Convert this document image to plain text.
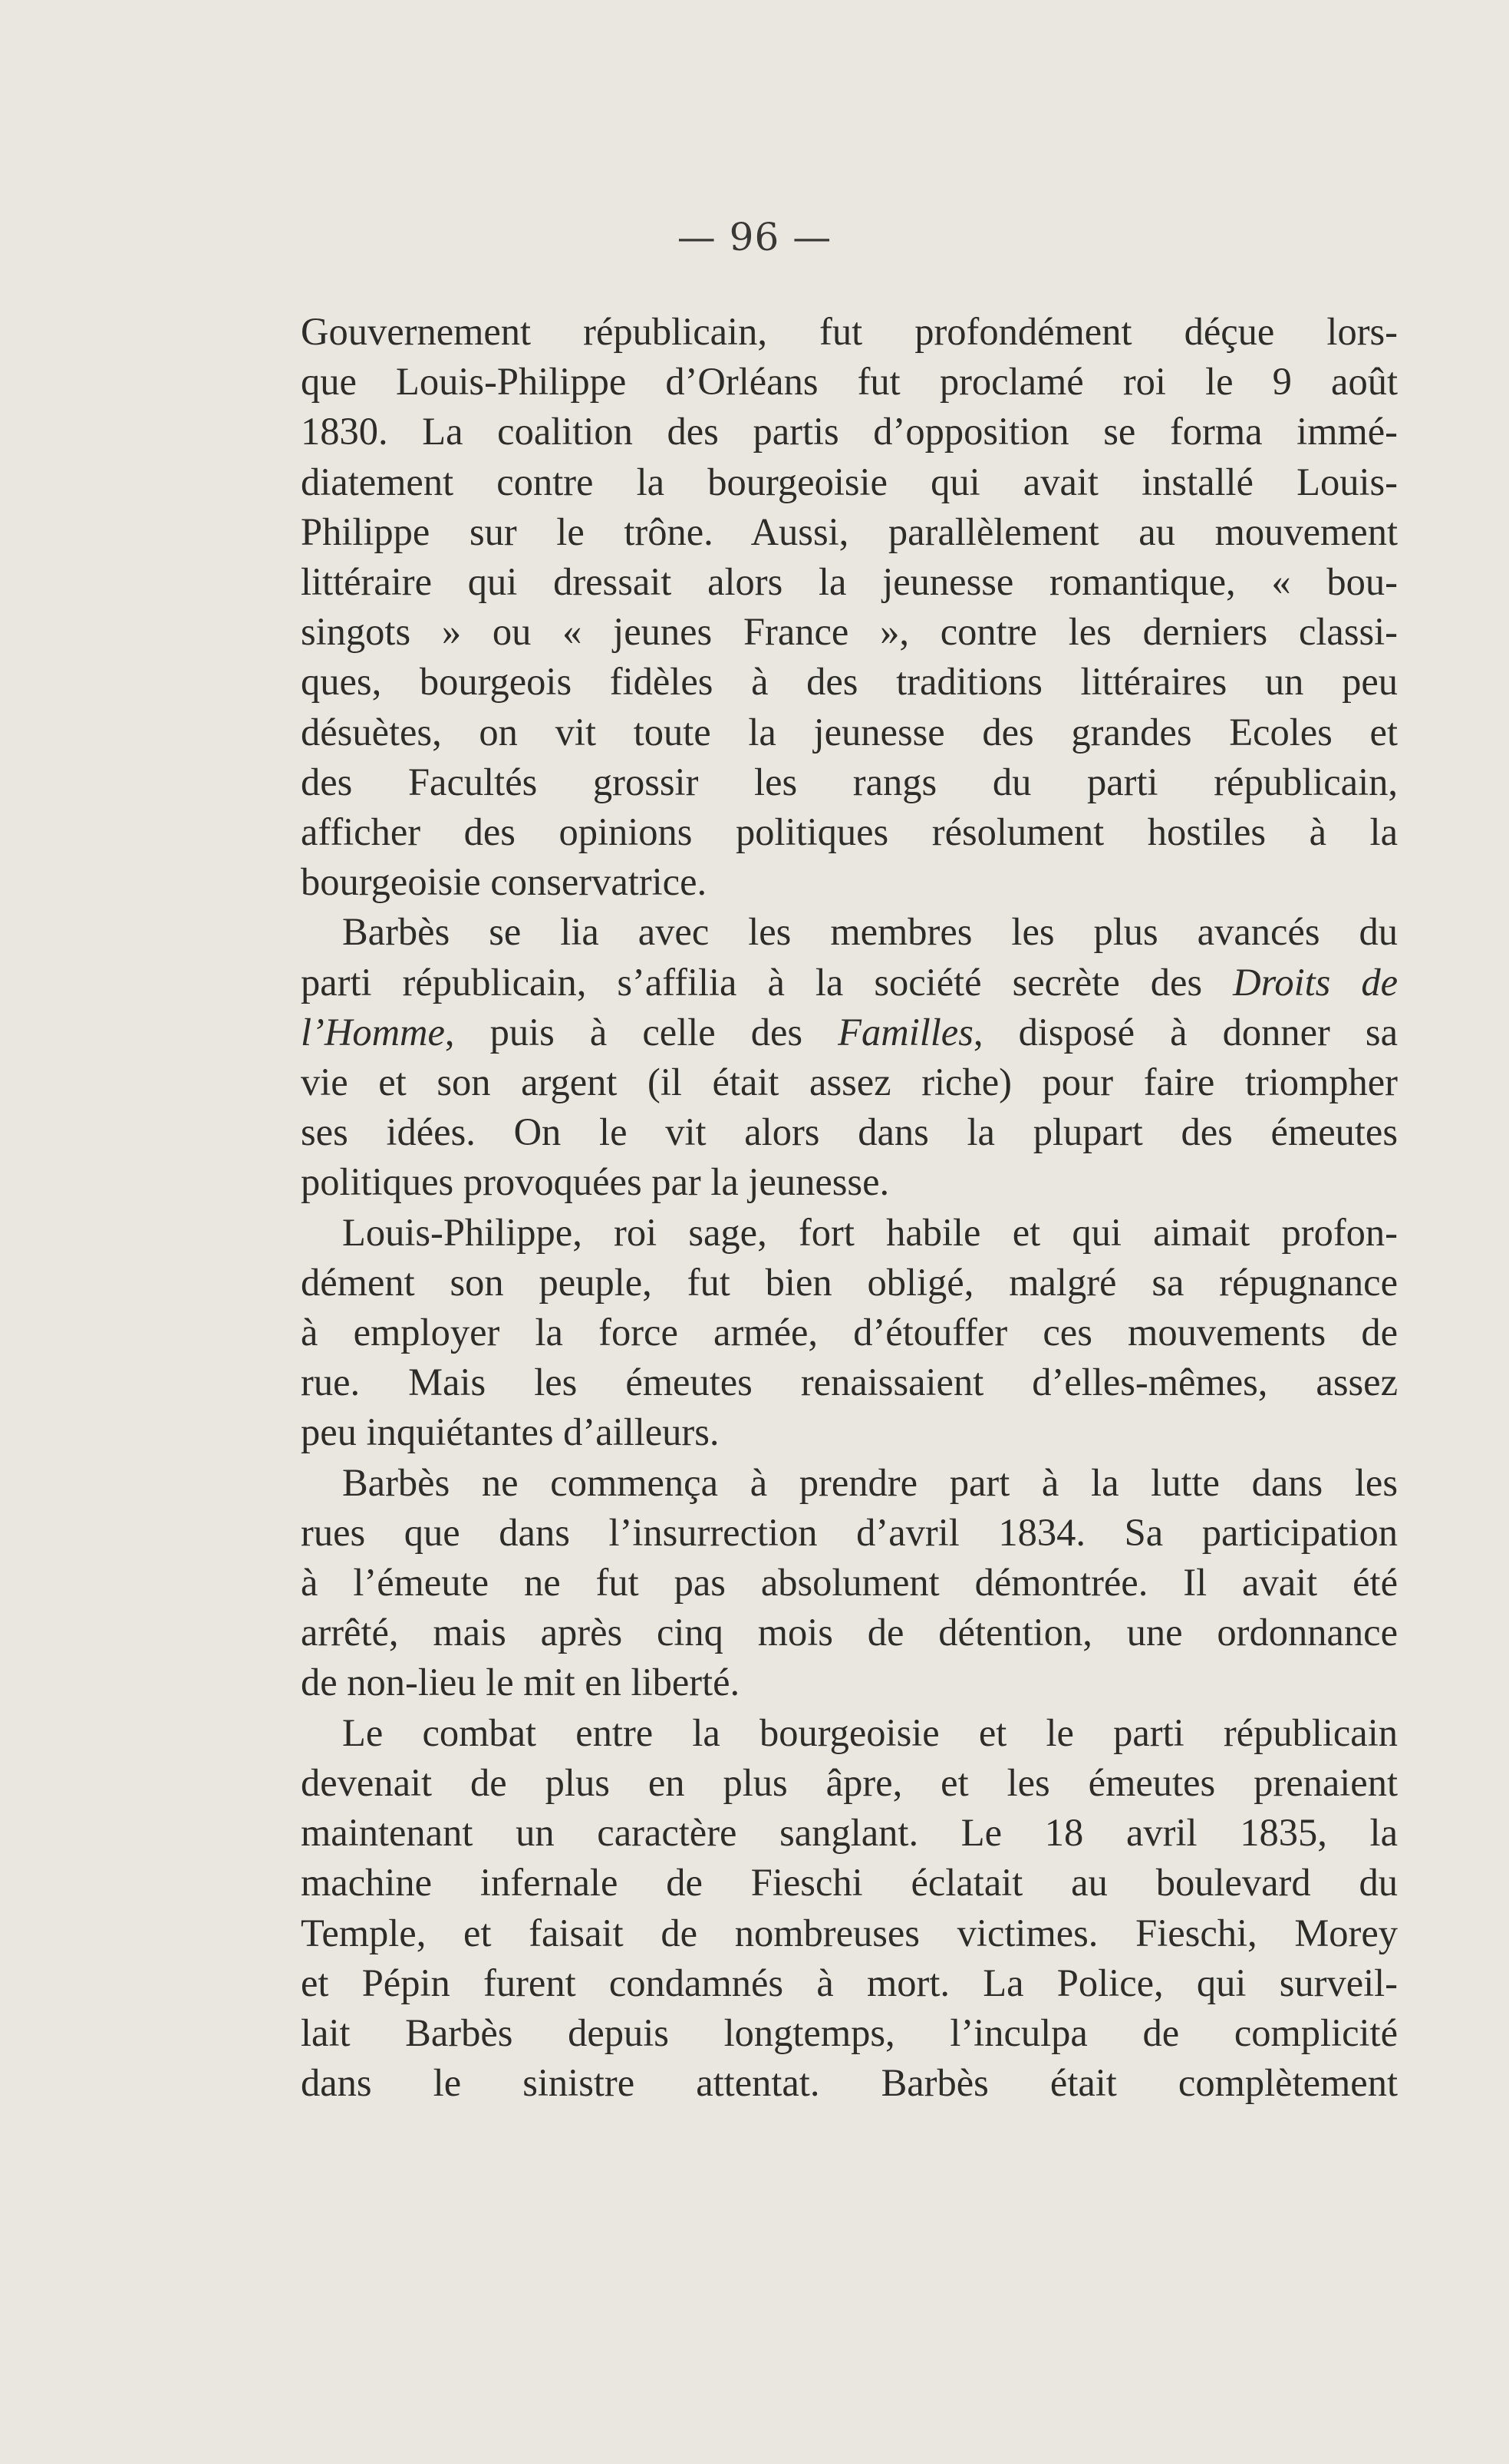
— 96 —
Gouvernement républicain, fut profondément déçue lors-
que Louis-Philippe d’Orléans fut proclamé roi le 9 août
1830. La coalition des partis d’opposition se forma immé-
diatement contre la bourgeoisie qui avait installé Louis-
Philippe sur le trône. Aussi, parallèlement au mouvement
littéraire qui dressait alors la jeunesse romantique, « bou-
singots » ou « jeunes France », contre les derniers classi-
ques, bourgeois fidèles à des traditions littéraires un peu
désuètes, on vit toute la jeunesse des grandes Ecoles et
des Facultés grossir les rangs du parti républicain,
afficher des opinions politiques résolument hostiles à la
bourgeoisie conservatrice.
Barbès se lia avec les membres les plus avancés du
parti républicain, s’affilia à la société secrète des Droits de
l’Homme, puis à celle des Familles, disposé à donner sa
vie et son argent (il était assez riche) pour faire triompher
ses idées. On le vit alors dans la plupart des émeutes
politiques provoquées par la jeunesse.
Louis-Philippe, roi sage, fort habile et qui aimait profon-
dément son peuple, fut bien obligé, malgré sa répugnance
à employer la force armée, d’étouffer ces mouvements de
rue. Mais les émeutes renaissaient d’elles-mêmes, assez
peu inquiétantes d’ailleurs.
Barbès ne commença à prendre part à la lutte dans les
rues que dans l’insurrection d’avril 1834. Sa participation
à l’émeute ne fut pas absolument démontrée. Il avait été
arrêté, mais après cinq mois de détention, une ordonnance
de non-lieu le mit en liberté.
Le combat entre la bourgeoisie et le parti républicain
devenait de plus en plus âpre, et les émeutes prenaient
maintenant un caractère sanglant. Le 18 avril 1835, la
machine infernale de Fieschi éclatait au boulevard du
Temple, et faisait de nombreuses victimes. Fieschi, Morey
et Pépin furent condamnés à mort. La Police, qui surveil-
lait Barbès depuis longtemps, l’inculpa de complicité
dans le sinistre attentat. Barbès était complètement
